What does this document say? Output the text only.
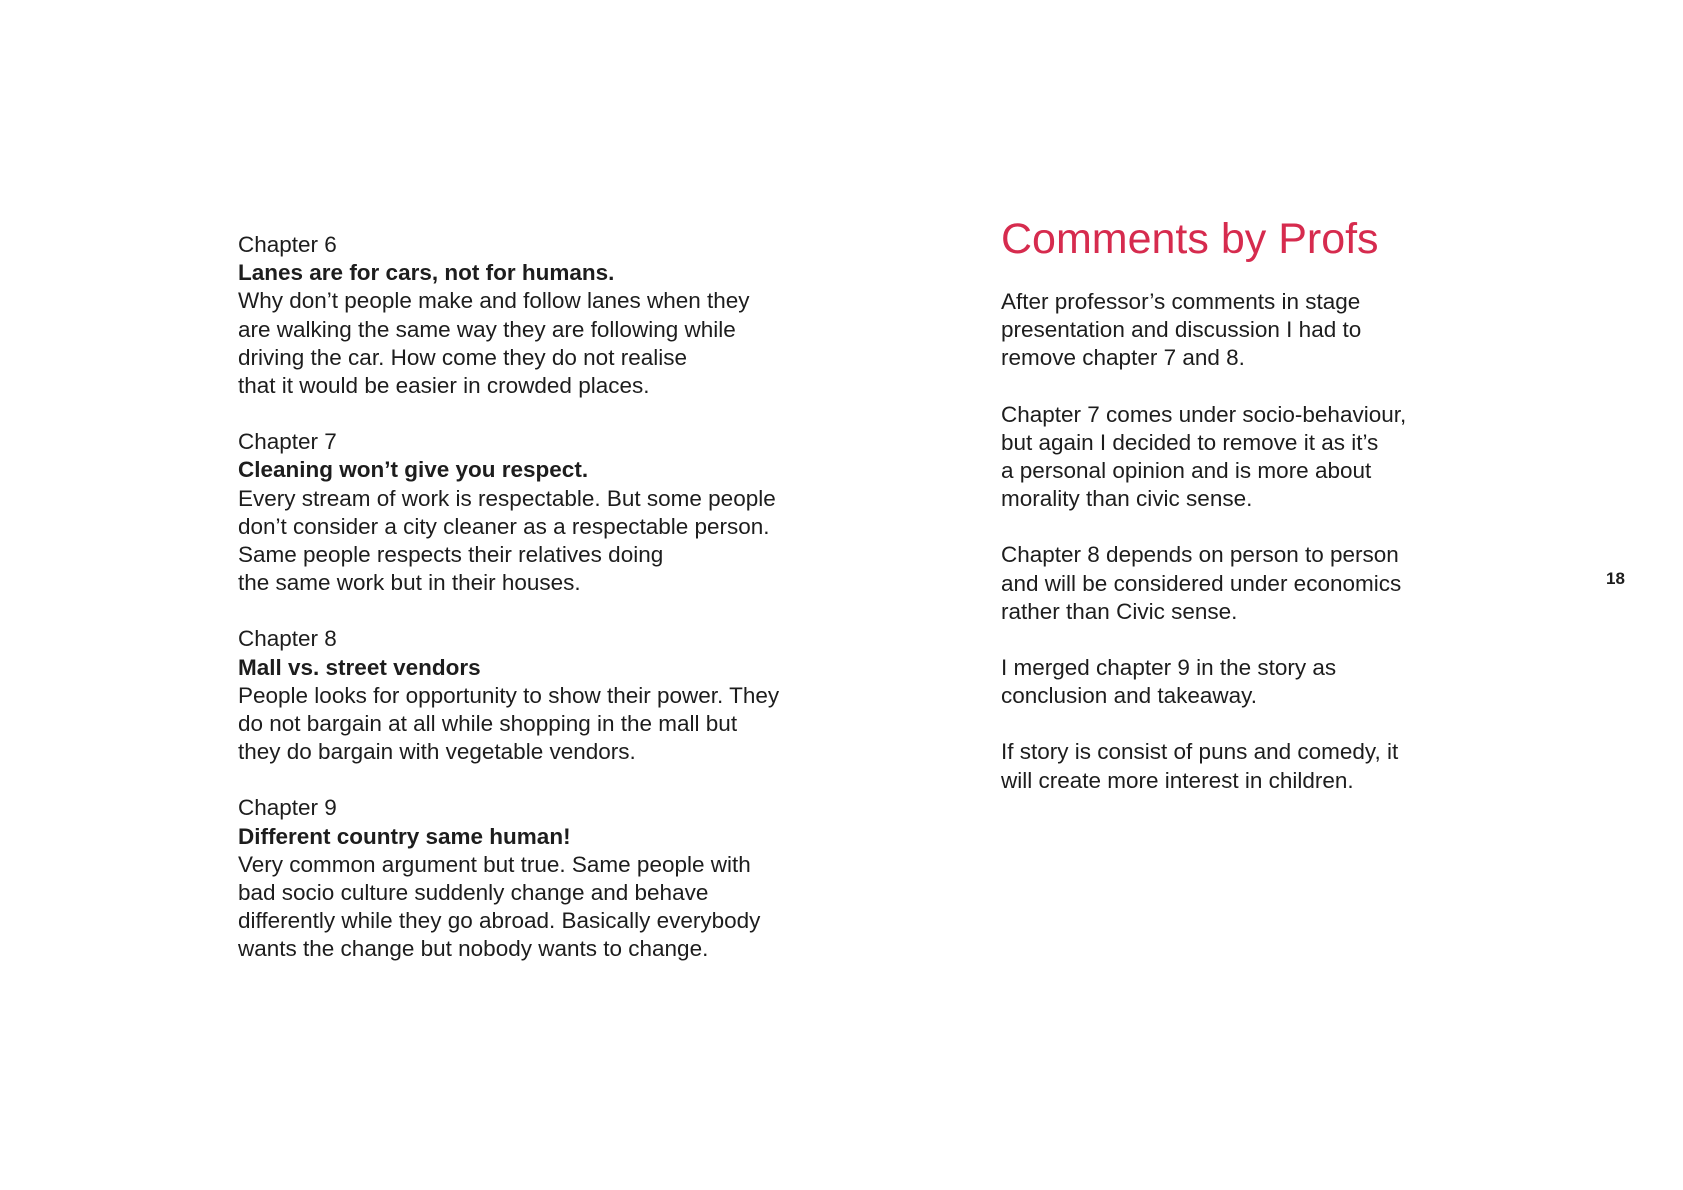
Chapter 6
Lanes are for cars, not for humans.
Why don’t people make and follow lanes when they
are walking the same way they are following while
driving the car. How come they do not realise
that it would be easier in crowded places.
Chapter 7
Cleaning won’t give you respect.
Every stream of work is respectable. But some people
don’t consider a city cleaner as a respectable person.
Same people respects their relatives doing
the same work but in their houses.
Chapter 8
Mall vs. street vendors
People looks for opportunity to show their power. They
do not bargain at all while shopping in the mall but
they do bargain with vegetable vendors.
Chapter 9
Different country same human!
Very common argument but true. Same people with
bad socio culture suddenly change and behave
differently while they go abroad. Basically everybody
wants the change but nobody wants to change.
Comments by Profs
After professor’s comments in stage
presentation and discussion I had to
remove chapter 7 and 8.
Chapter 7 comes under socio-behaviour,
but again I decided to remove it as it’s
a personal opinion and is more about
morality than civic sense.
Chapter 8 depends on person to person
and will be considered under economics
rather than Civic sense.
I merged chapter 9 in the story as
conclusion and takeaway.
If story is consist of puns and comedy, it
will create more interest in children.
18
